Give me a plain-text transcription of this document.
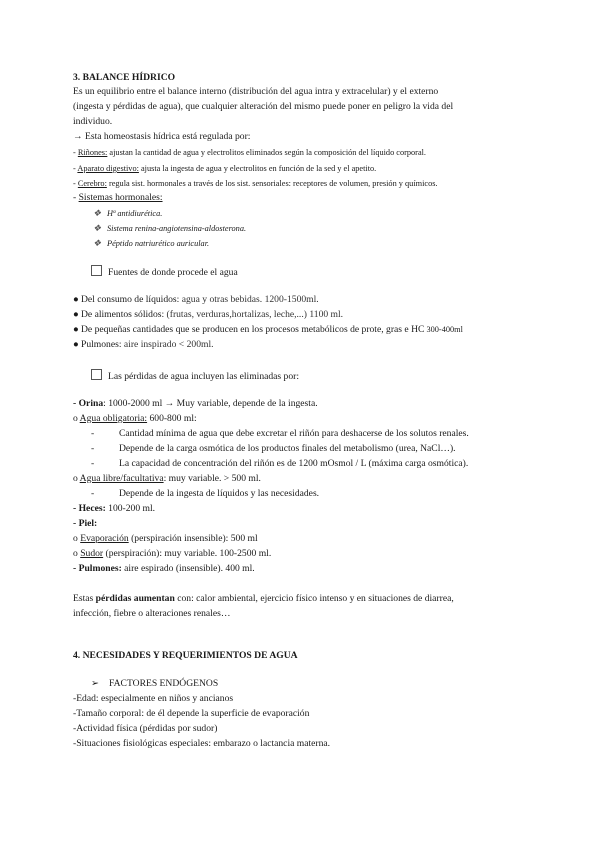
3. BALANCE HÍDRICO
Es un equilibrio entre el balance interno (distribución del agua intra y extracelular) y el externo
(ingesta y pérdidas de agua), que cualquier alteración del mismo puede poner en peligro la vida del
individuo.
→ Esta homeostasis hídrica está regulada por:
- Riñones: ajustan la cantidad de agua y electrolitos eliminados según la composición del líquido corporal.
- Aparato digestivo: ajusta la ingesta de agua y electrolitos en función de la sed y el apetito.
- Cerebro: regula sist. hormonales a través de los sist. sensoriales: receptores de volumen, presión y químicos.
- Sistemas hormonales:
❖ Hª antidiurética.
❖ Sistema renina-angiotensina-aldosterona.
❖ Péptido natriurético auricular.
Fuentes de donde procede el agua
● Del consumo de líquidos: agua y otras bebidas. 1200-1500ml.
● De alimentos sólidos: (frutas, verduras,hortalizas, leche,...) 1100 ml.
● De pequeñas cantidades que se producen en los procesos metabólicos de prote, gras e HC 300-400ml
● Pulmones: aire inspirado < 200ml.
Las pérdidas de agua incluyen las eliminadas por:
- Orina: 1000-2000 ml → Muy variable, depende de la ingesta.
o Agua obligatoria: 600-800 ml:
-	Cantidad mínima de agua que debe excretar el riñón para deshacerse de los solutos renales.
-	Depende de la carga osmótica de los productos finales del metabolismo (urea, NaCl…).
-	La capacidad de concentración del riñón es de 1200 mOsmol / L (máxima carga osmótica).
o Agua libre/facultativa: muy variable. > 500 ml.
-	Depende de la ingesta de líquidos y las necesidades.
- Heces: 100-200 ml.
- Piel:
o Evaporación (perspiración insensible): 500 ml
o Sudor (perspiración): muy variable. 100-2500 ml.
- Pulmones: aire espirado (insensible). 400 ml.
Estas pérdidas aumentan con: calor ambiental, ejercicio físico intenso y en situaciones de diarrea,
infección, fiebre o alteraciones renales…
4. NECESIDADES Y REQUERIMIENTOS DE AGUA
➢ FACTORES ENDÓGENOS
-Edad: especialmente en niños y ancianos
-Tamaño corporal: de él depende la superficie de evaporación
-Actividad física (pérdidas por sudor)
-Situaciones fisiológicas especiales: embarazo o lactancia materna.
